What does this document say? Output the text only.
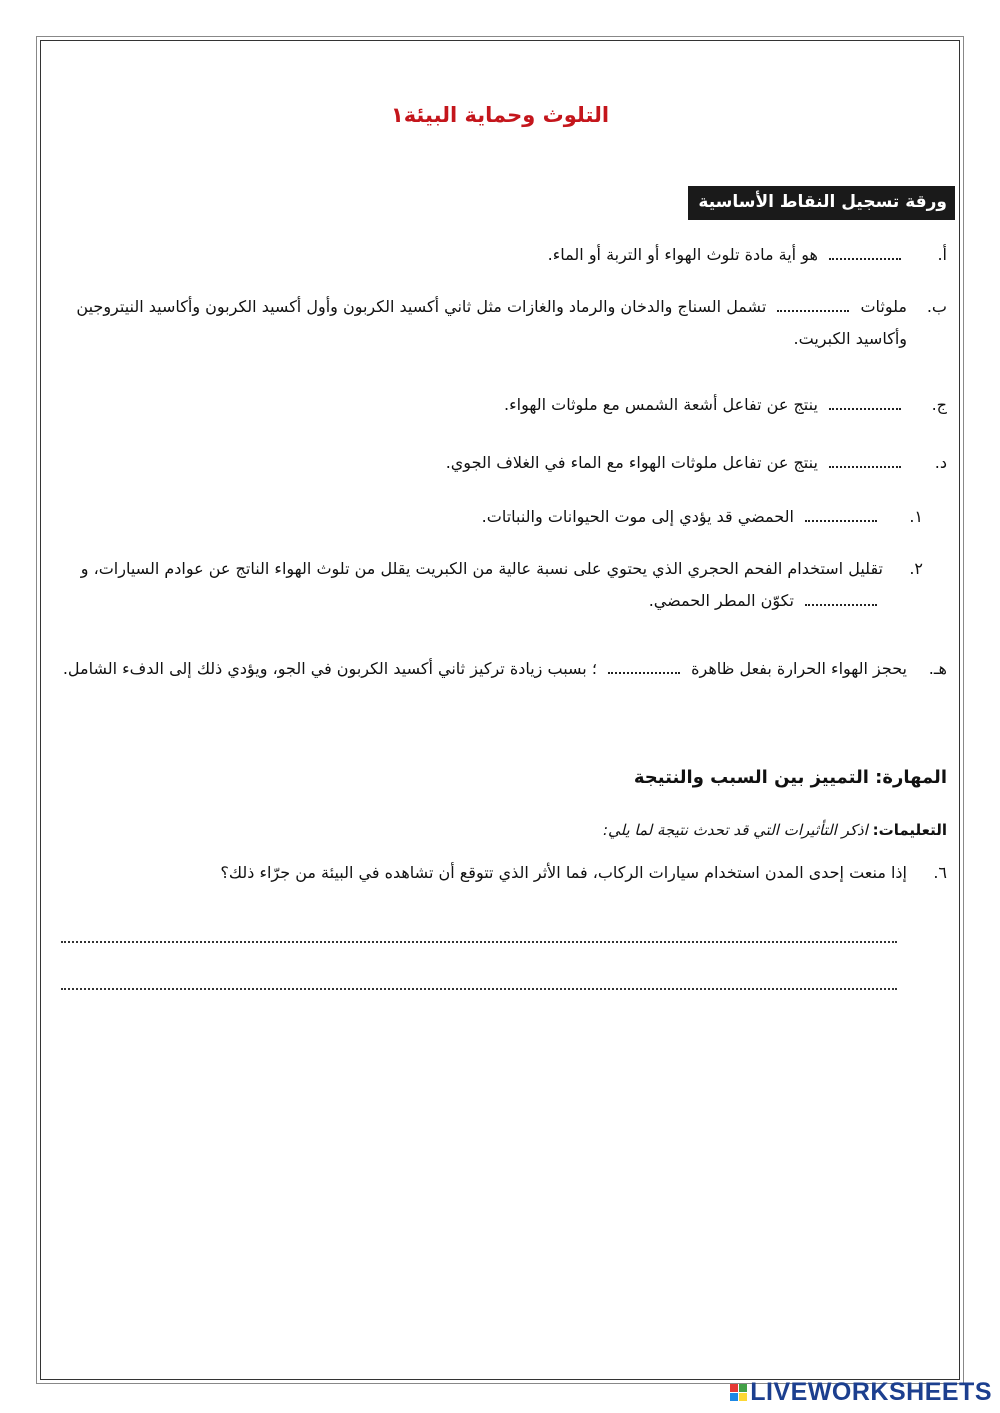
التلوث وحماية البيئة١
ورقة تسجيل النقاط الأساسية
أ.
هو أية مادة تلوث الهواء أو التربة أو الماء.
ب.
ملوثات  تشمل السناج والدخان والرماد والغازات مثل ثاني أكسيد الكربون وأول أكسيد الكربون وأكاسيد النيتروجين وأكاسيد الكبريت.
ج.
ينتج عن تفاعل أشعة الشمس مع ملوثات الهواء.
د.
ينتج عن تفاعل ملوثات الهواء مع الماء في الغلاف الجوي.
١.
الحمضي قد يؤدي إلى موت الحيوانات والنباتات.
٢.
تقليل استخدام الفحم الحجري الذي يحتوي على نسبة عالية من الكبريت يقلل من تلوث الهواء الناتج عن عوادم السيارات، و  تكوّن المطر الحمضي.
هـ.
يحجز الهواء الحرارة بفعل ظاهرة  ؛ بسبب زيادة تركيز ثاني أكسيد الكربون في الجو، ويؤدي ذلك إلى الدفء الشامل.
المهارة: التمييز بين السبب والنتيجة
التعليمات: اذكر التأثيرات التي قد تحدث نتيجة لما يلي:
٦.
إذا منعت إحدى المدن استخدام سيارات الركاب، فما الأثر الذي تتوقع أن تشاهده في البيئة من جرّاء ذلك؟
LIVEWORKSHEETS
